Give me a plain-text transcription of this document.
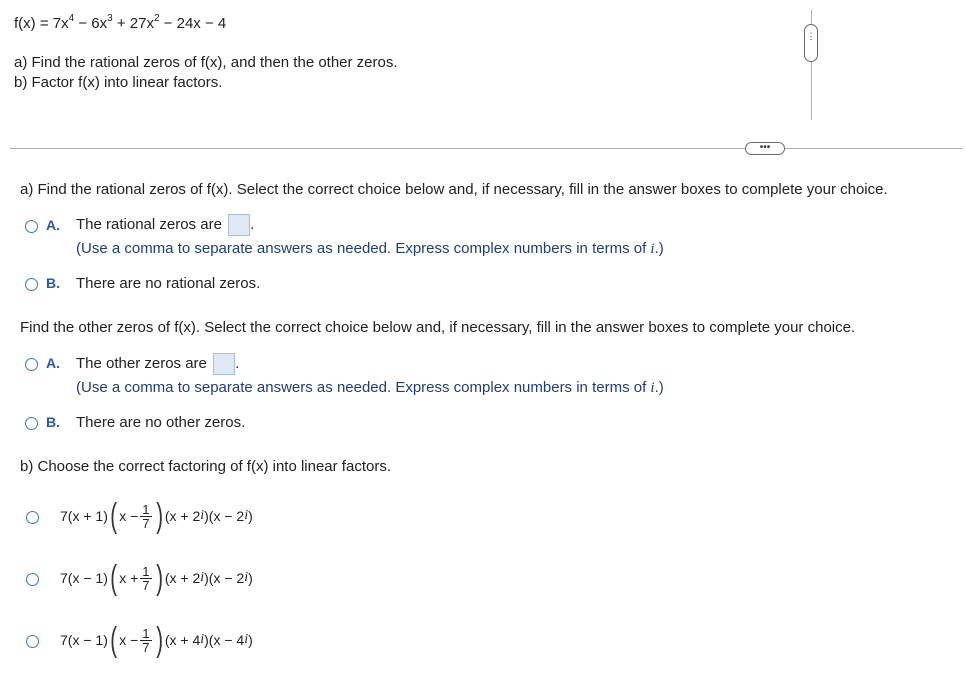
$f(x) = 7x^4 - 6x^3 + 27x^2 - 24x - 4$
a) Find the rational zeros of f(x), and then the other zeros.
b) Factor f(x) into linear factors.
⋮
•••
a) Find the rational zeros of f(x). Select the correct choice below and, if necessary, fill in the answer boxes to complete your choice.
A. The rational zeros are .
(Use a comma to separate answers as needed. Express complex numbers in terms of i.)
B. There are no rational zeros.
Find the other zeros of f(x). Select the correct choice below and, if necessary, fill in the answer boxes to complete your choice.
A. The other zeros are .
(Use a comma to separate answers as needed. Express complex numbers in terms of i.)
B. There are no other zeros.
b) Choose the correct factoring of f(x) into linear factors.
7(x + 1) ( $x - \frac{1}{7}$ ) (x + 2 i )(x − 2 i )
7(x − 1) ( $x + \frac{1}{7}$ ) (x + 2 i )(x − 2 i )
7(x − 1) ( $x - \frac{1}{7}$ ) (x + 4 i )(x − 4 i )
